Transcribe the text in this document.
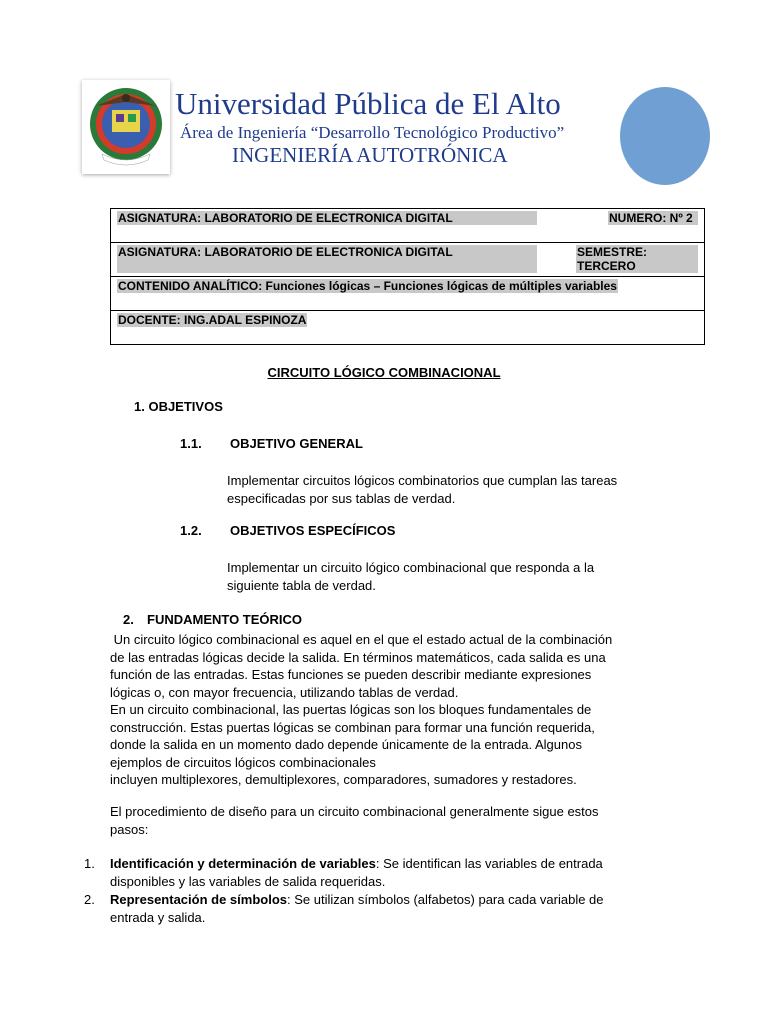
Universidad Pública de El Alto
Área de Ingeniería “Desarrollo Tecnológico Productivo”
INGENIERÍA AUTOTRÓNICA
ASIGNATURA: LABORATORIO DE ELECTRONICA DIGITAL	NUMERO: Nº 2

ASIGNATURA: LABORATORIO DE ELECTRONICA DIGITAL	SEMESTRE: TERCERO

CONTENIDO ANALÍTICO: Funciones lógicas – Funciones lógicas de múltiples variables
DOCENTE: ING.ADAL ESPINOZA
CIRCUITO LÓGICO COMBINACIONAL
1. OBJETIVOS
1.1. OBJETIVO GENERAL
Implementar circuitos lógicos combinatorios que cumplan las tareas
especificadas por sus tablas de verdad.
1.2. OBJETIVOS ESPECÍFICOS
Implementar un circuito lógico combinacional que responda a la
siguiente tabla de verdad.
2. FUNDAMENTO TEÓRICO
Un circuito lógico combinacional es aquel en el que el estado actual de la combinación
de las entradas lógicas decide la salida. En términos matemáticos, cada salida es una
función de las entradas. Estas funciones se pueden describir mediante expresiones
lógicas o, con mayor frecuencia, utilizando tablas de verdad.
En un circuito combinacional, las puertas lógicas son los bloques fundamentales de
construcción. Estas puertas lógicas se combinan para formar una función requerida,
donde la salida en un momento dado depende únicamente de la entrada. Algunos
ejemplos de circuitos lógicos combinacionales
incluyen multiplexores, demultiplexores, comparadores, sumadores y restadores.
El procedimiento de diseño para un circuito combinacional generalmente sigue estos
pasos:
1.	Identificación y determinación de variables: Se identifican las variables de entrada
disponibles y las variables de salida requeridas.
2.	Representación de símbolos: Se utilizan símbolos (alfabetos) para cada variable de
entrada y salida.
